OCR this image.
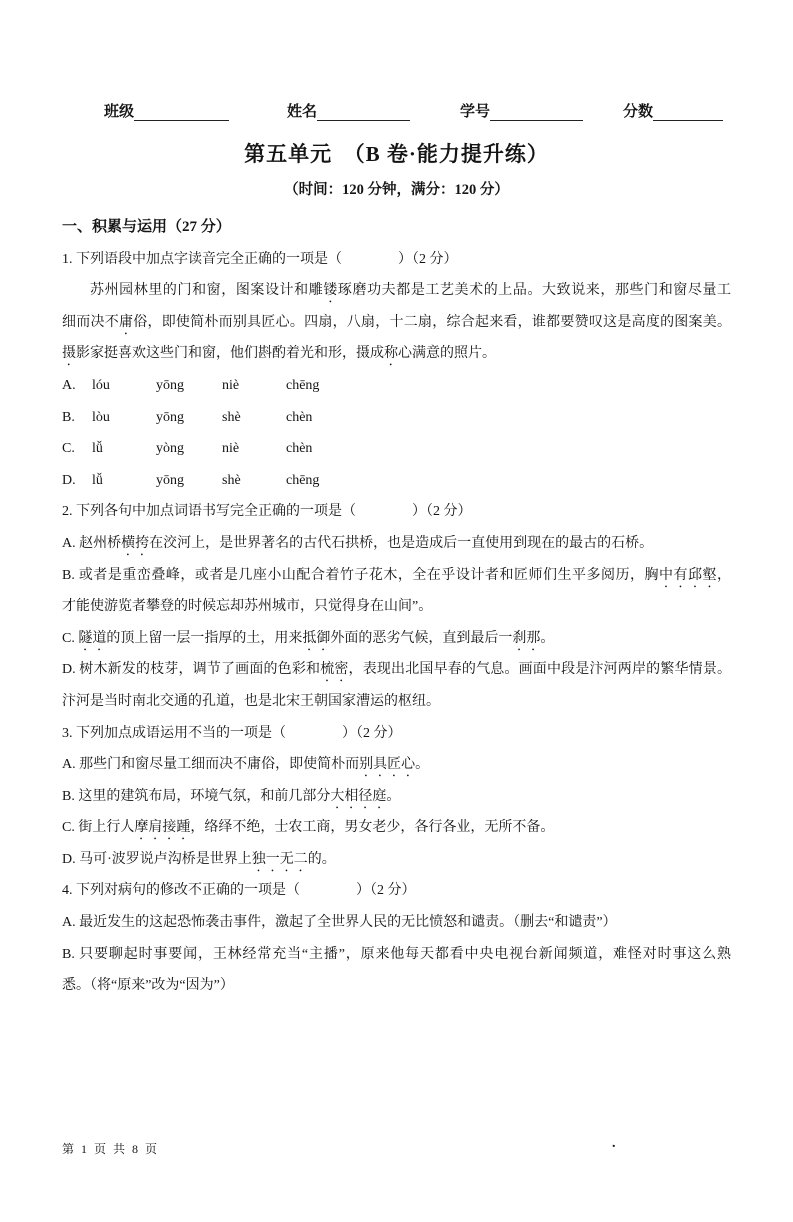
班级	姓名	学号	分数
第五单元　（B 卷·能力提升练）
（时间：120 分钟，满分：120 分）
一、积累与运用（27 分）
1. 下列语段中加点字读音完全正确的一项是（　　　　）（2 分）
苏州园林里的门和窗，图案设计和雕镂琢磨功夫都是工艺美术的上品。大致说来，那些门和窗尽量工
细而决不庸俗，即使简朴而别具匠心。四扇，八扇，十二扇，综合起来看，谁都要赞叹这是高度的图案美。
摄影家挺喜欢这些门和窗，他们斟酌着光和形，摄成称心满意的照片。
A. lóu	yōng	niè	chēng
B. lòu	yōng	shè	chèn
C. lǚ	yòng	niè	chèn
D. lǚ	yōng	shè	chēng
2. 下列各句中加点词语书写完全正确的一项是（　　　　）（2 分）
A. 赵州桥横挎在洨河上，是世界著名的古代石拱桥，也是造成后一直使用到现在的最古的石桥。
B. 或者是重峦叠峰，或者是几座小山配合着竹子花木，全在乎设计者和匠师们生平多阅历，胸中有邱壑，
才能使游览者攀登的时候忘却苏州城市，只觉得身在山间”。
C. 隧道的顶上留一层一指厚的土，用来抵御外面的恶劣气候，直到最后一刹那。
D. 树木新发的枝芽，调节了画面的色彩和梳密，表现出北国早春的气息。画面中段是汴河两岸的繁华情景。
汴河是当时南北交通的孔道，也是北宋王朝国家漕运的枢纽。
3. 下列加点成语运用不当的一项是（　　　　）（2 分）
A. 那些门和窗尽量工细而决不庸俗，即使简朴而别具匠心。
B. 这里的建筑布局，环境气氛，和前几部分大相径庭。
C. 街上行人摩肩接踵，络绎不绝，士农工商，男女老少，各行各业，无所不备。
D. 马可·波罗说卢沟桥是世界上独一无二的。
4. 下列对病句的修改不正确的一项是（　　　　）（2 分）
A. 最近发生的这起恐怖袭击事件，激起了全世界人民的无比愤怒和谴责。（删去“和谴责”）
B. 只要聊起时事要闻，王林经常充当“主播”，原来他每天都看中央电视台新闻频道，难怪对时事这么熟
悉。（将“原来”改为“因为”）
第 1 页 共 8 页	.
